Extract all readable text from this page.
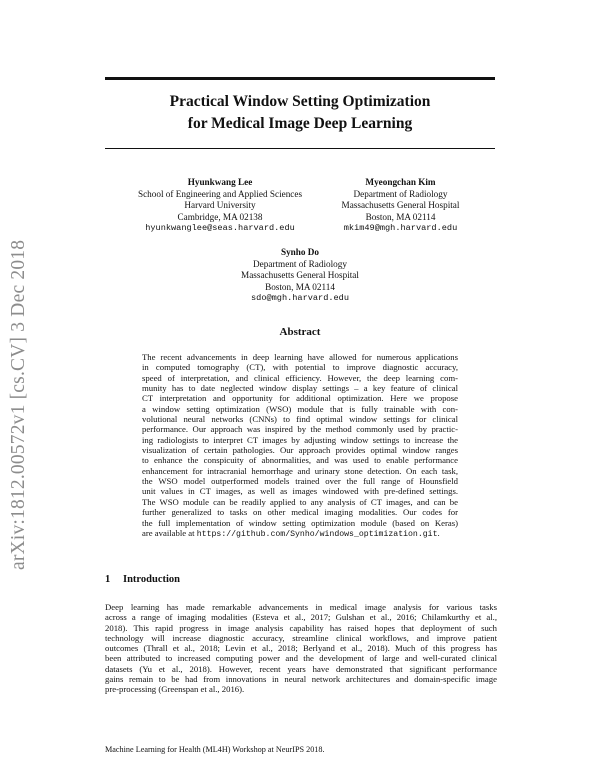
arXiv:1812.00572v1 [cs.CV] 3 Dec 2018
Practical Window Setting Optimization
for Medical Image Deep Learning
Hyunkwang Lee
School of Engineering and Applied Sciences
Harvard University
Cambridge, MA 02138
hyunkwanglee@seas.harvard.edu
Myeongchan Kim
Department of Radiology
Massachusetts General Hospital
Boston, MA 02114
mkim49@mgh.harvard.edu
Synho Do
Department of Radiology
Massachusetts General Hospital
Boston, MA 02114
sdo@mgh.harvard.edu
Abstract
The recent advancements in deep learning have allowed for numerous applications
in computed tomography (CT), with potential to improve diagnostic accuracy,
speed of interpretation, and clinical efficiency. However, the deep learning com-
munity has to date neglected window display settings – a key feature of clinical
CT interpretation and opportunity for additional optimization. Here we propose
a window setting optimization (WSO) module that is fully trainable with con-
volutional neural networks (CNNs) to find optimal window settings for clinical
performance. Our approach was inspired by the method commonly used by practic-
ing radiologists to interpret CT images by adjusting window settings to increase the
visualization of certain pathologies. Our approach provides optimal window ranges
to enhance the conspicuity of abnormalities, and was used to enable performance
enhancement for intracranial hemorrhage and urinary stone detection. On each task,
the WSO model outperformed models trained over the full range of Hounsfield
unit values in CT images, as well as images windowed with pre-defined settings.
The WSO module can be readily applied to any analysis of CT images, and can be
further generalized to tasks on other medical imaging modalities. Our codes for
the full implementation of window setting optimization module (based on Keras)
are available at https://github.com/Synho/windows_optimization.git.
1 Introduction
Deep learning has made remarkable advancements in medical image analysis for various tasks
across a range of imaging modalities (Esteva et al., 2017; Gulshan et al., 2016; Chilamkurthy et al.,
2018). This rapid progress in image analysis capability has raised hopes that deployment of such
technology will increase diagnostic accuracy, streamline clinical workflows, and improve patient
outcomes (Thrall et al., 2018; Levin et al., 2018; Berlyand et al., 2018). Much of this progress has
been attributed to increased computing power and the development of large and well-curated clinical
datasets (Yu et al., 2018). However, recent years have demonstrated that significant performance
gains remain to be had from innovations in neural network architectures and domain-specific image
pre-processing (Greenspan et al., 2016).
Machine Learning for Health (ML4H) Workshop at NeurIPS 2018.
